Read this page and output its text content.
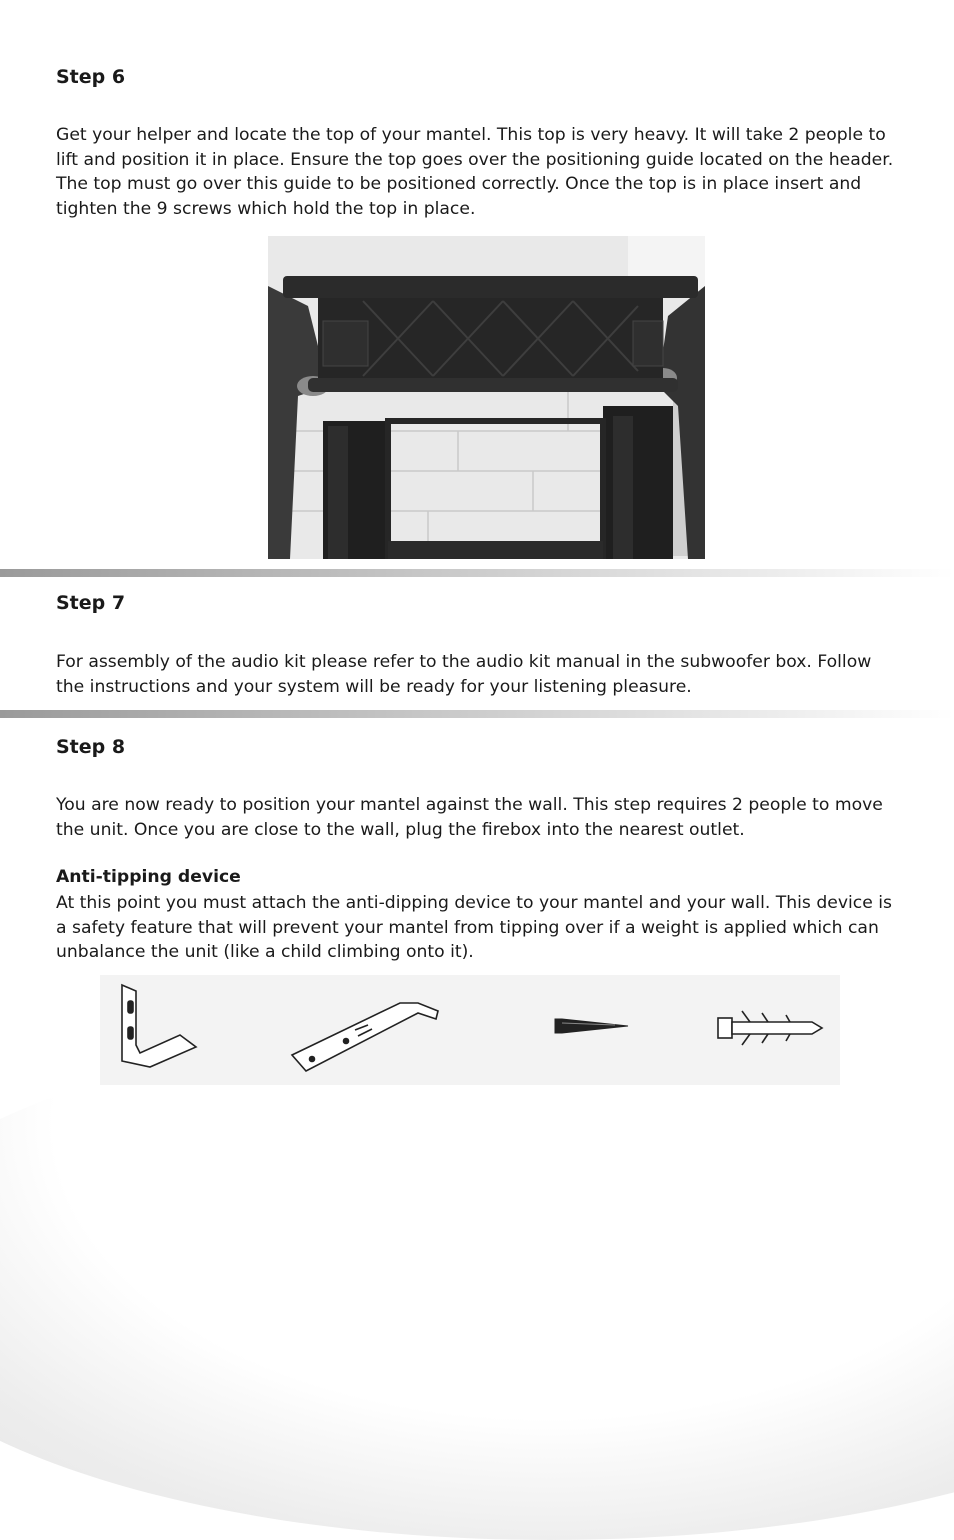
Step 6

Get your helper and locate the top of your mantel. This top is very heavy. It will take 2 people to lift and position it in place. Ensure the top goes over the positioning guide located on the header. The top must go over this guide to be positioned correctly. Once the top is in place insert and tighten the 9 screws which hold the top in place.

Step 7

For assembly of the audio kit please refer to the audio kit manual in the subwoofer box. Follow the instructions and your system will be ready for your listening pleasure.

Step 8

You are now ready to position your mantel against the wall. This step requires 2 people to move the unit. Once you are close to the wall, plug the firebox into the nearest outlet.

Anti-tipping device

At this point you must attach the anti-dipping device to your mantel and your wall. This device is a safety feature that will prevent your mantel from tipping over if a weight is applied which can unbalance the unit (like a child climbing onto it).
